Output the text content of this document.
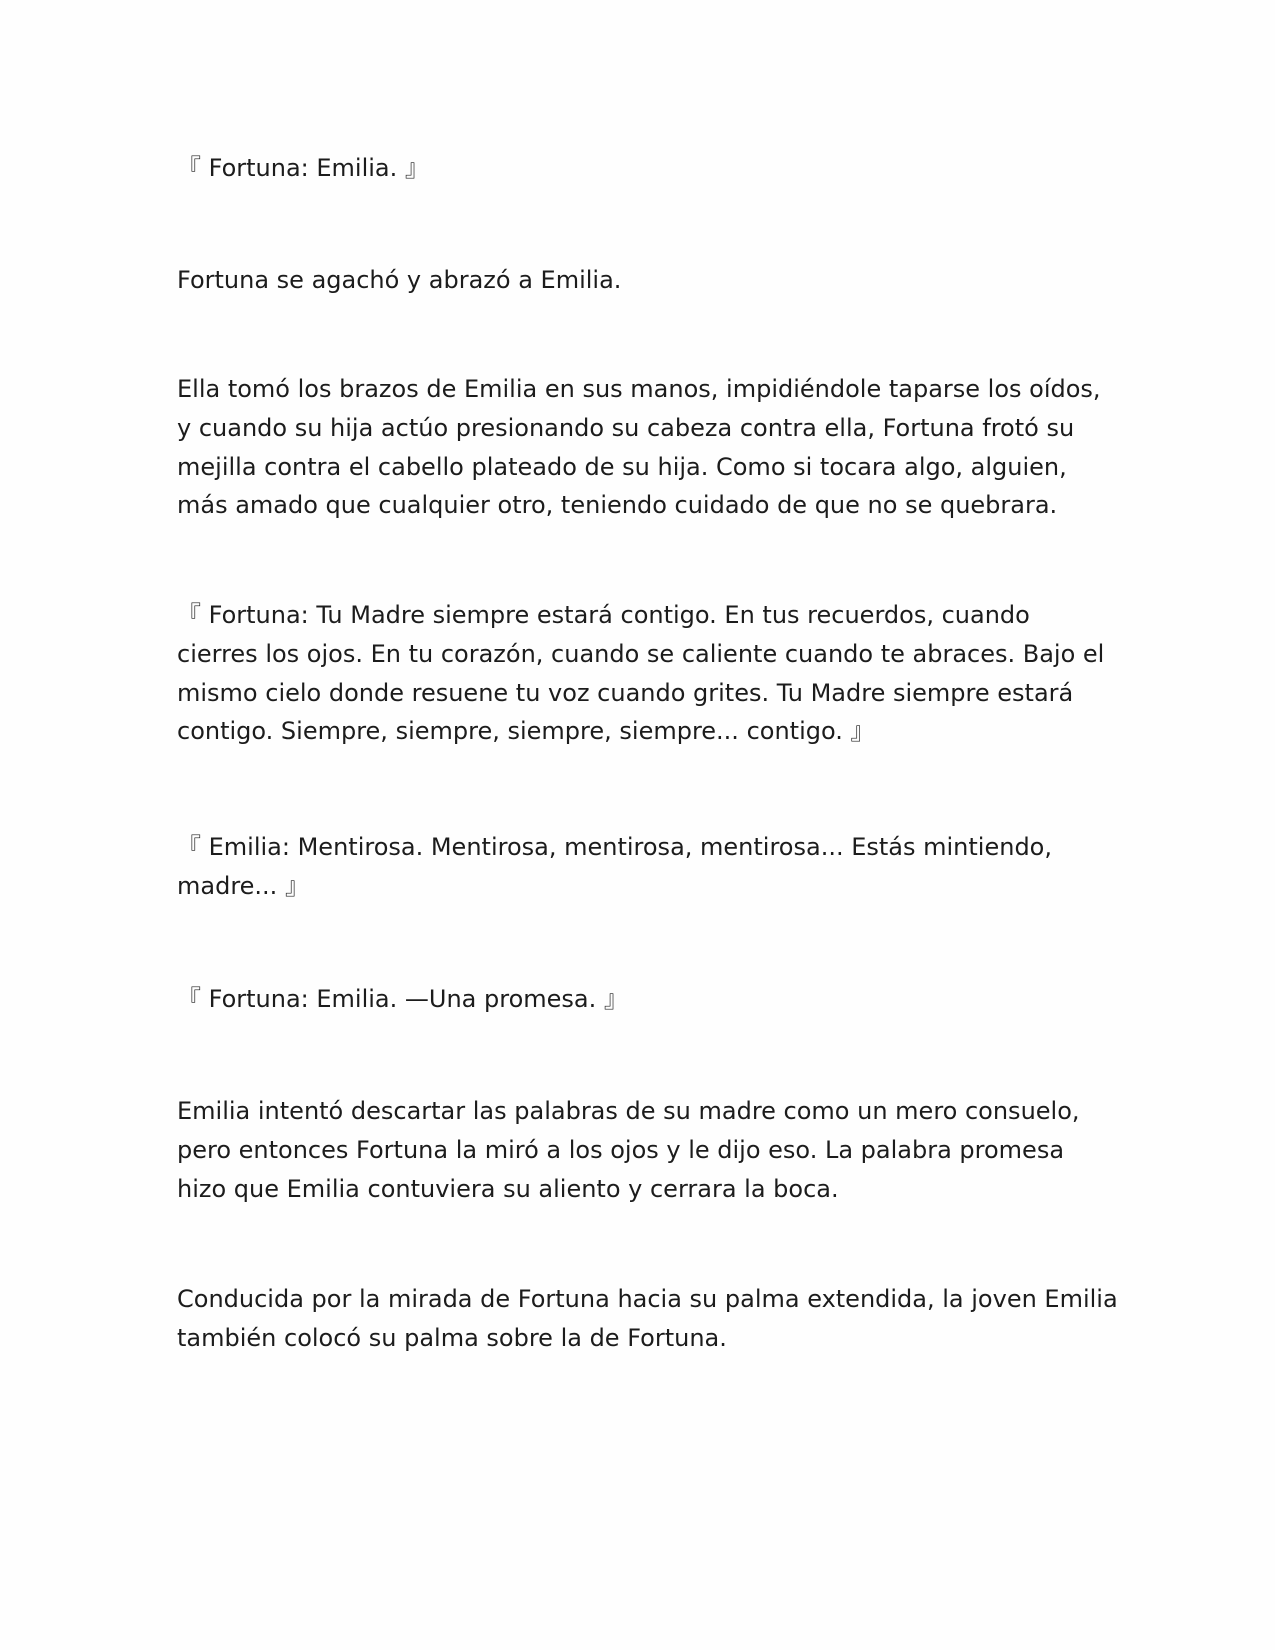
『 Fortuna: Emilia. 』

Fortuna se agachó y abrazó a Emilia.

Ella tomó los brazos de Emilia en sus manos, impidiéndole taparse los oídos,
y cuando su hija actúo presionando su cabeza contra ella, Fortuna frotó su
mejilla contra el cabello plateado de su hija. Como si tocara algo, alguien,
más amado que cualquier otro, teniendo cuidado de que no se quebrara.

『 Fortuna: Tu Madre siempre estará contigo. En tus recuerdos, cuando
cierres los ojos. En tu corazón, cuando se caliente cuando te abraces. Bajo el
mismo cielo donde resuene tu voz cuando grites. Tu Madre siempre estará
contigo. Siempre, siempre, siempre, siempre... contigo. 』

『 Emilia: Mentirosa. Mentirosa, mentirosa, mentirosa... Estás mintiendo,
madre... 』

『 Fortuna: Emilia. —Una promesa. 』

Emilia intentó descartar las palabras de su madre como un mero consuelo,
pero entonces Fortuna la miró a los ojos y le dijo eso. La palabra promesa
hizo que Emilia contuviera su aliento y cerrara la boca.

Conducida por la mirada de Fortuna hacia su palma extendida, la joven Emilia
también colocó su palma sobre la de Fortuna.
